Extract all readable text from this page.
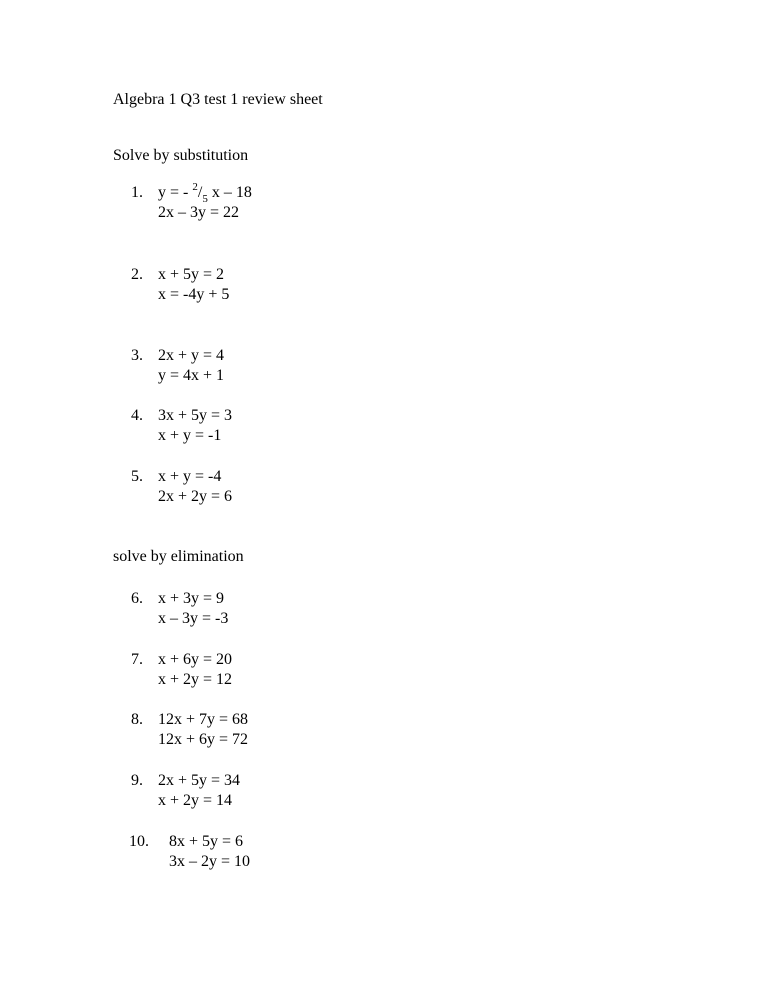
Algebra 1 Q3 test 1 review sheet
Solve by substitution
1. y = - $^2/_5$ x – 18
2x – 3y = 22
2. x + 5y = 2
x = -4y + 5
3. 2x + y = 4
y = 4x + 1
4. 3x + 5y = 3
x + y = -1
5. x + y = -4
2x + 2y = 6
solve by elimination
6. x + 3y = 9
x – 3y = -3
7. x + 6y = 20
x + 2y = 12
8. 12x + 7y = 68
12x + 6y = 72
9. 2x + 5y = 34
x + 2y = 14
10. 8x + 5y = 6
3x – 2y = 10
